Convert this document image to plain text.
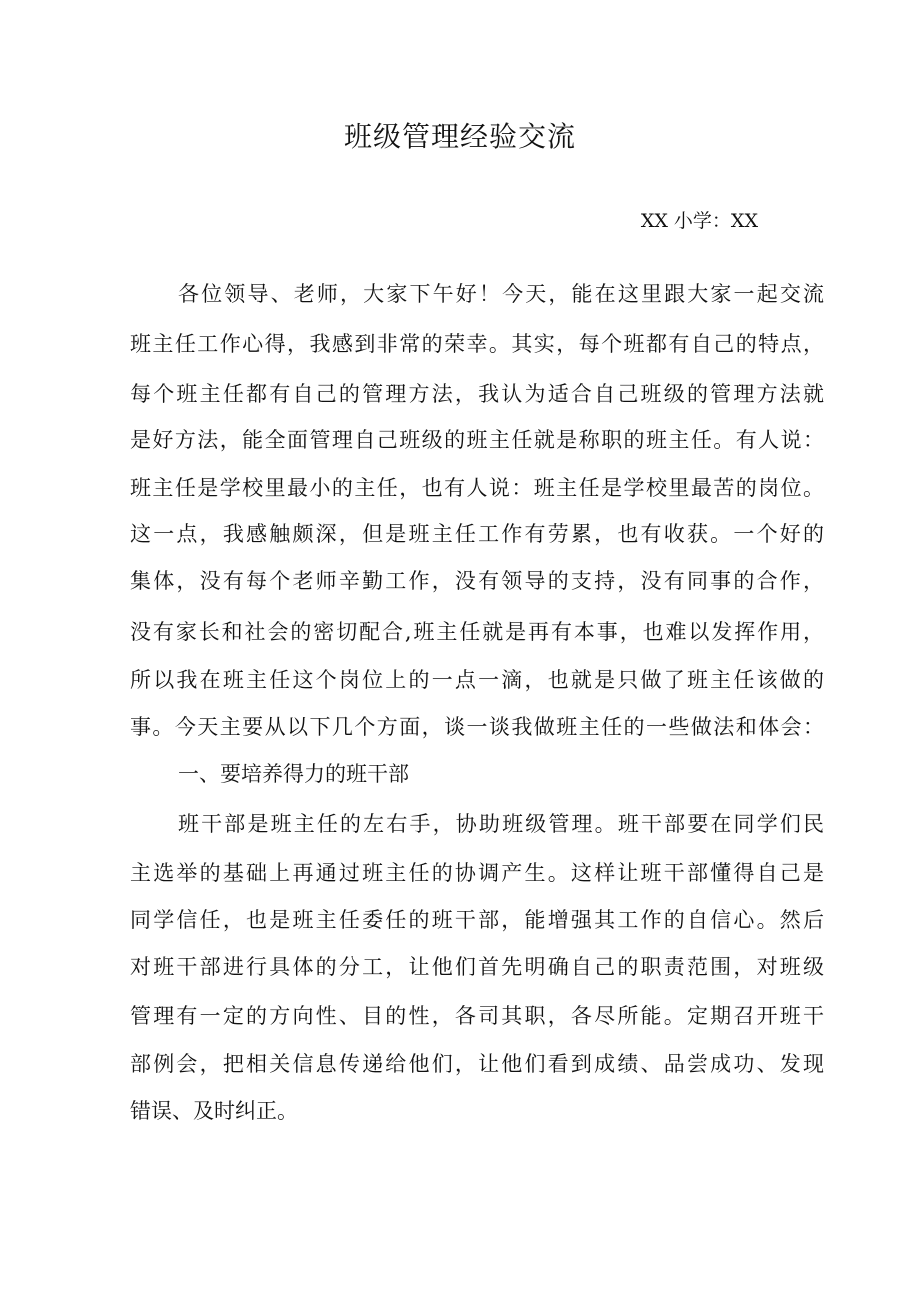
班级管理经验交流
XX 小学：XX
各位领导、老师，大家下午好！今天，能在这里跟大家一起交流
班主任工作心得，我感到非常的荣幸。其实，每个班都有自己的特点，
每个班主任都有自己的管理方法，我认为适合自己班级的管理方法就
是好方法，能全面管理自己班级的班主任就是称职的班主任。有人说：
班主任是学校里最小的主任，也有人说：班主任是学校里最苦的岗位。
这一点，我感触颇深，但是班主任工作有劳累，也有收获。一个好的
集体，没有每个老师辛勤工作，没有领导的支持，没有同事的合作，
没有家长和社会的密切配合,班主任就是再有本事，也难以发挥作用，
所以我在班主任这个岗位上的一点一滴，也就是只做了班主任该做的
事。今天主要从以下几个方面，谈一谈我做班主任的一些做法和体会：
一、要培养得力的班干部
班干部是班主任的左右手，协助班级管理。班干部要在同学们民
主选举的基础上再通过班主任的协调产生。这样让班干部懂得自己是
同学信任，也是班主任委任的班干部，能增强其工作的自信心。然后
对班干部进行具体的分工，让他们首先明确自己的职责范围，对班级
管理有一定的方向性、目的性，各司其职，各尽所能。定期召开班干
部例会，把相关信息传递给他们，让他们看到成绩、品尝成功、发现
错误、及时纠正。
